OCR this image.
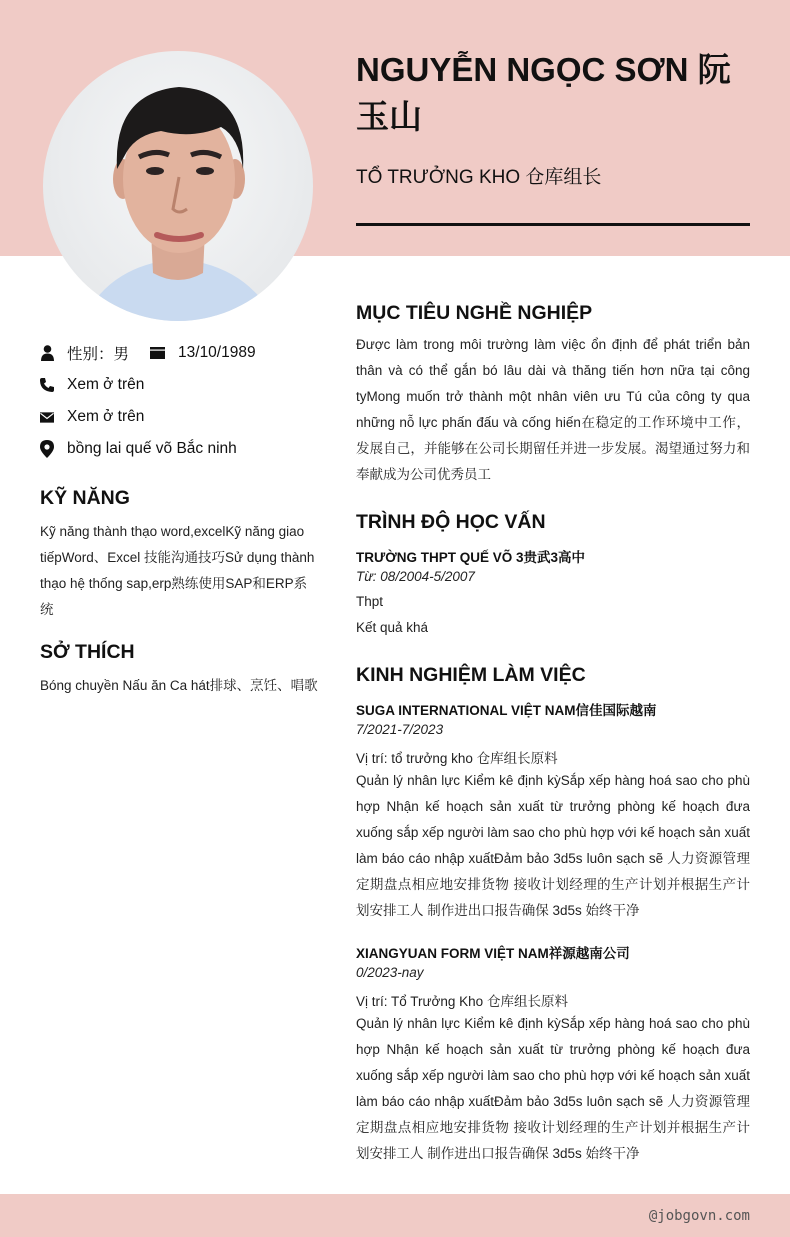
NGUYỄN NGỌC SƠN 阮玉山
TỔ TRƯỞNG KHO 仓库组长
性别：男	13/10/1989
Xem ở trên
Xem ở trên
bồng lai quế võ Bắc ninh
KỸ NĂNG
Kỹ năng thành thạo word,excelKỹ năng giao tiếpWord、Excel 技能沟通技巧Sử dụng thành thạo hệ thống sap,erp熟练使用SAP和ERP系统
SỞ THÍCH
Bóng chuyền Nấu ăn Ca hát排球、烹饪、唱歌
MỤC TIÊU NGHỀ NGHIỆP
Được làm trong môi trường làm việc ổn định để phát triển bản thân và có thể gắn bó lâu dài và thăng tiến hơn nữa tại công tyMong muốn trở thành một nhân viên ưu Tú của công ty qua những nỗ lực phấn đấu và cống hiến在稳定的工作环境中工作，发展自己，并能够在公司长期留任并进一步发展。渴望通过努力和奉献成为公司优秀员工
TRÌNH ĐỘ HỌC VẤN
TRƯỜNG THPT QUẾ VÕ 3贵武3高中
Từ: 08/2004-5/2007
Thpt
Kết quả khá
KINH NGHIỆM LÀM VIỆC
SUGA INTERNATIONAL VIỆT NAM信佳国际越南
7/2021-7/2023
Vị trí: tổ trưởng kho 仓库组长原料
Quản lý nhân lực Kiểm kê định kỳSắp xếp hàng hoá sao cho phù hợp Nhận kế hoạch sản xuất từ trưởng phòng kế hoạch đưa xuống sắp xếp người làm sao cho phù hợp với kế hoạch sản xuất làm báo cáo nhập xuấtĐảm bảo 3d5s luôn sạch sẽ 人力资源管理 定期盘点相应地安排货物 接收计划经理的生产计划并根据生产计划安排工人 制作进出口报告确保 3d5s 始终干净
XIANGYUAN FORM VIỆT NAM祥源越南公司
0/2023-nay
Vị trí: Tổ Trưởng Kho 仓库组长原料
Quản lý nhân lực Kiểm kê định kỳSắp xếp hàng hoá sao cho phù hợp Nhận kế hoạch sản xuất từ trưởng phòng kế hoạch đưa xuống sắp xếp người làm sao cho phù hợp với kế hoạch sản xuất làm báo cáo nhập xuấtĐảm bảo 3d5s luôn sạch sẽ 人力资源管理 定期盘点相应地安排货物 接收计划经理的生产计划并根据生产计划安排工人 制作进出口报告确保 3d5s 始终干净
@jobgovn.com
